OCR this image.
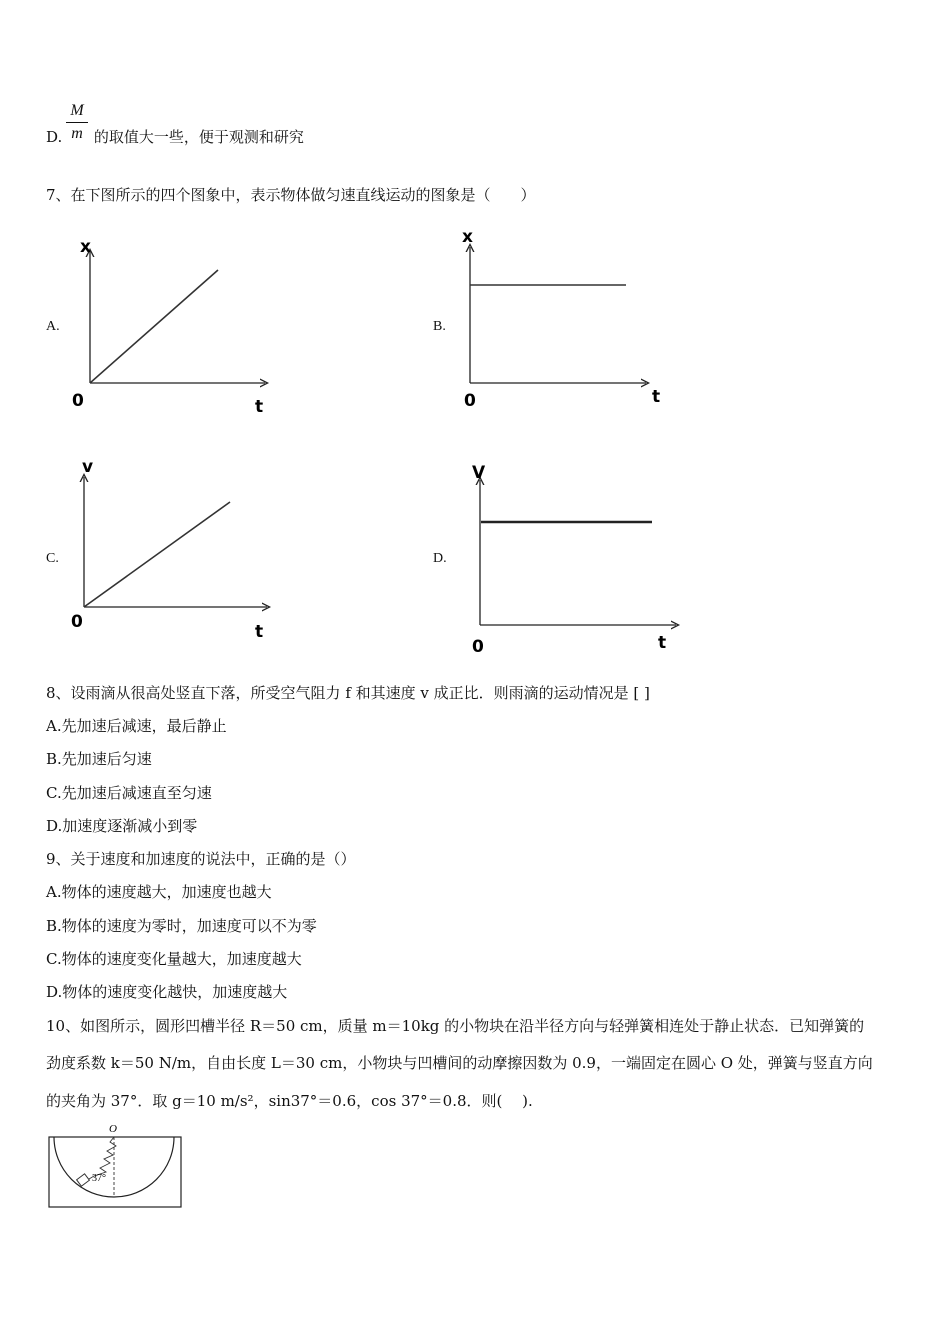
M
m
D. 的取值大一些，便于观测和研究
7、在下图所示的四个图象中，表示物体做匀速直线运动的图象是（　　）
A.	B.
C.	D.
x
0	t
x
0	t
v
0	t
V
0	t
8、设雨滴从很高处竖直下落，所受空气阻力 f 和其速度 v 成正比．则雨滴的运动情况是 [ ]
A.先加速后减速，最后静止
B.先加速后匀速
C.先加速后减速直至匀速
D.加速度逐渐减小到零
9、关于速度和加速度的说法中，正确的是（）
A.物体的速度越大，加速度也越大
B.物体的速度为零时，加速度可以不为零
C.物体的速度变化量越大，加速度越大
D.物体的速度变化越快，加速度越大
10、如图所示，圆形凹槽半径 R＝50 cm，质量 m＝10kg 的小物块在沿半径方向与轻弹簧相连处于静止状态．已知弹簧的
劲度系数 k＝50 N/m，自由长度 L＝30 cm，小物块与凹槽间的动摩擦因数为 0.9，一端固定在圆心 O 处，弹簧与竖直方向
的夹角为 37°．取 g＝10 m/s²，sin37°＝0.6，cos 37°＝0.8．则(　 ).
O
37°
